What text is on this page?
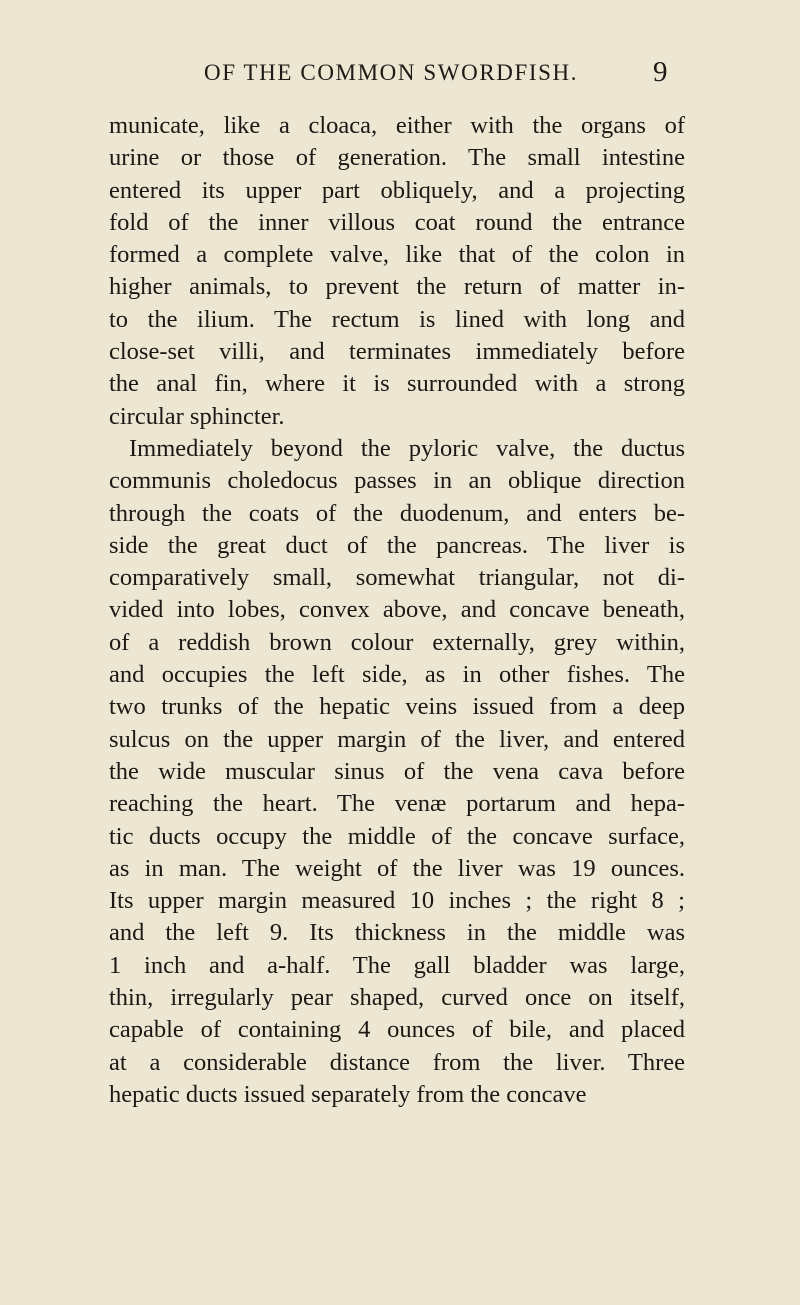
OF THE COMMON SWORDFISH.	9
municate, like a cloaca, either with the organs of
urine or those of generation. The small intestine
entered its upper part obliquely, and a projecting
fold of the inner villous coat round the entrance
formed a complete valve, like that of the colon in
higher animals, to prevent the return of matter in-
to the ilium. The rectum is lined with long and
close-set villi, and terminates immediately before
the anal fin, where it is surrounded with a strong
circular sphincter.
Immediately beyond the pyloric valve, the ductus
communis choledocus passes in an oblique direction
through the coats of the duodenum, and enters be-
side the great duct of the pancreas. The liver is
comparatively small, somewhat triangular, not di-
vided into lobes, convex above, and concave beneath,
of a reddish brown colour externally, grey within,
and occupies the left side, as in other fishes. The
two trunks of the hepatic veins issued from a deep
sulcus on the upper margin of the liver, and entered
the wide muscular sinus of the vena cava before
reaching the heart. The venæ portarum and hepa-
tic ducts occupy the middle of the concave surface,
as in man. The weight of the liver was 19 ounces.
Its upper margin measured 10 inches ; the right 8 ;
and the left 9. Its thickness in the middle was
1 inch and a-half. The gall bladder was large,
thin, irregularly pear shaped, curved once on itself,
capable of containing 4 ounces of bile, and placed
at a considerable distance from the liver. Three
hepatic ducts issued separately from the concave
